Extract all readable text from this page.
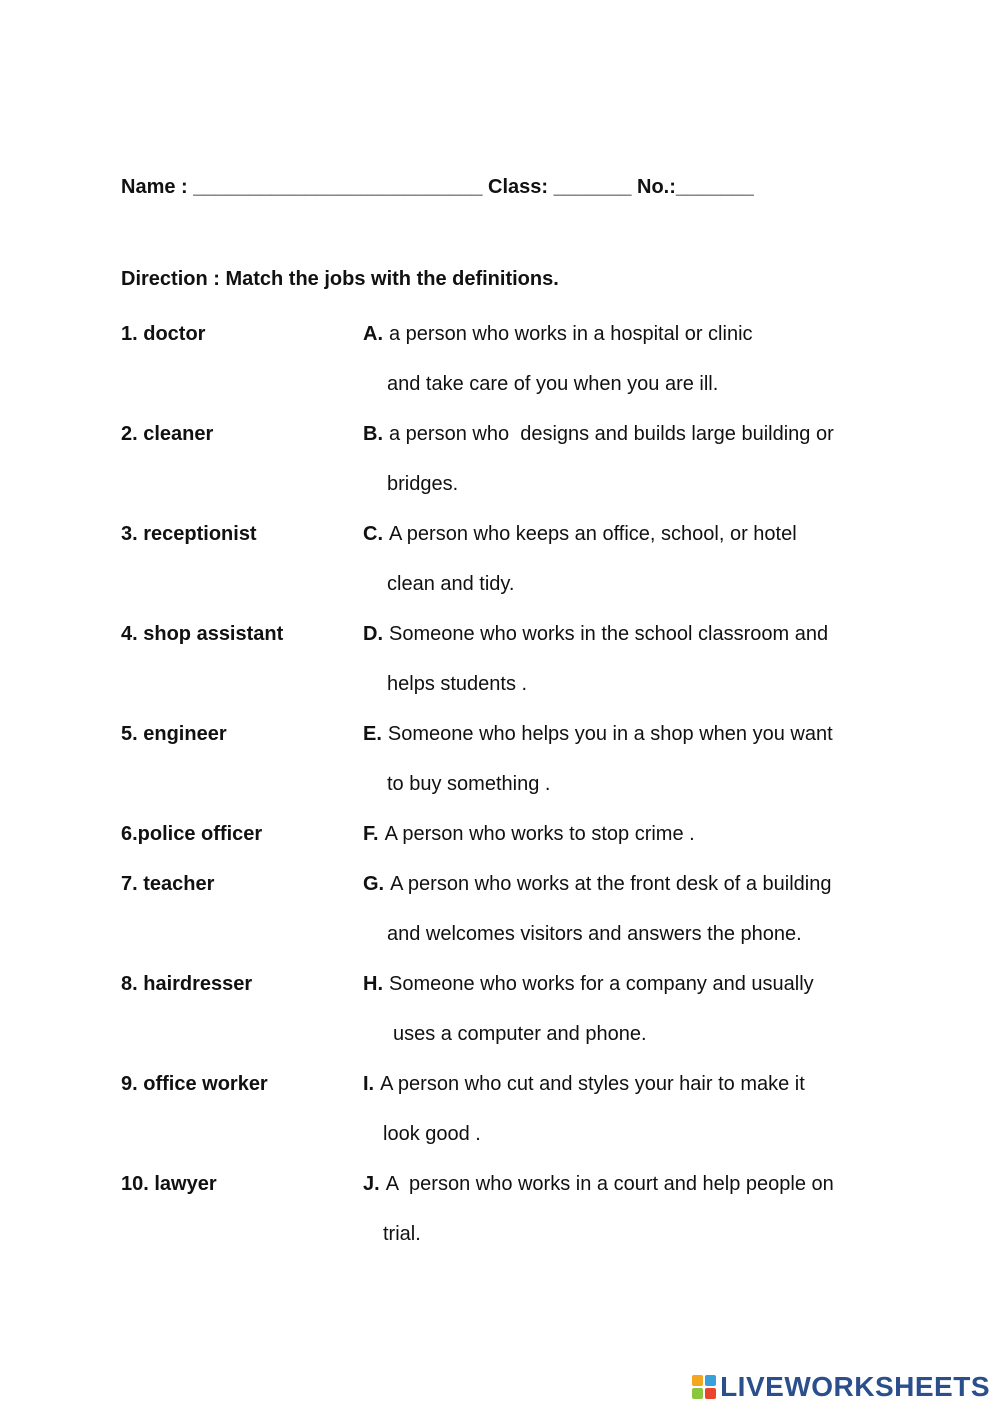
Name : __________________________ Class: _______ No.:_______
Direction : Match the jobs with the definitions.
1. doctor	A. a person who works in a hospital or clinic
and take care of you when you are ill.
2. cleaner	B. a person who  designs and builds large building or
bridges.
3. receptionist	C. A person who keeps an office, school, or hotel
clean and tidy.
4. shop assistant	D. Someone who works in the school classroom and
helps students .
5. engineer	E. Someone who helps you in a shop when you want
to buy something .
6.police officer	F. A person who works to stop crime .
7. teacher	G. A person who works at the front desk of a building
and welcomes visitors and answers the phone.
8. hairdresser	H. Someone who works for a company and usually
uses a computer and phone.
9. office worker	I. A person who cut and styles your hair to make it
look good .
10. lawyer	J. A  person who works in a court and help people on
trial.
LIVEWORKSHEETS
